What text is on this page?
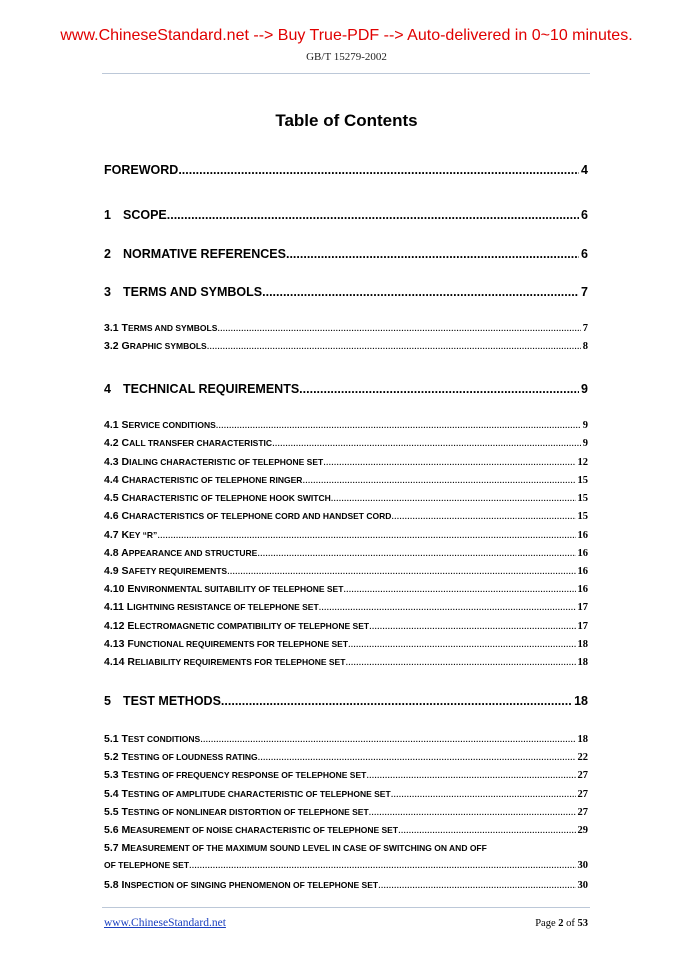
www.ChineseStandard.net --> Buy True-PDF --> Auto-delivered in 0~10 minutes.
GB/T 15279-2002
Table of Contents
FOREWORD .....	4
1 SCOPE .....	6
2 NORMATIVE REFERENCES .....	6
3 TERMS AND SYMBOLS .....	7
3.1 TERMS AND SYMBOLS .....	7
3.2 GRAPHIC SYMBOLS .....	8
4 TECHNICAL REQUIREMENTS .....	9
4.1 SERVICE CONDITIONS .....	9
4.2 CALL TRANSFER CHARACTERISTIC .....	9
4.3 DIALING CHARACTERISTIC OF TELEPHONE SET .....	12
4.4 CHARACTERISTIC OF TELEPHONE RINGER .....	15
4.5 CHARACTERISTIC OF TELEPHONE HOOK SWITCH .....	15
4.6 CHARACTERISTICS OF TELEPHONE CORD AND HANDSET CORD .....	15
4.7 KEY “R” .....	16
4.8 APPEARANCE AND STRUCTURE .....	16
4.9 SAFETY REQUIREMENTS .....	16
4.10 ENVIRONMENTAL SUITABILITY OF TELEPHONE SET .....	16
4.11 LIGHTNING RESISTANCE OF TELEPHONE SET .....	17
4.12 ELECTROMAGNETIC COMPATIBILITY OF TELEPHONE SET .....	17
4.13 FUNCTIONAL REQUIREMENTS FOR TELEPHONE SET .....	18
4.14 RELIABILITY REQUIREMENTS FOR TELEPHONE SET .....	18
5 TEST METHODS .....	18
5.1 TEST CONDITIONS .....	18
5.2 TESTING OF LOUDNESS RATING .....	22
5.3 TESTING OF FREQUENCY RESPONSE OF TELEPHONE SET .....	27
5.4 TESTING OF AMPLITUDE CHARACTERISTIC OF TELEPHONE SET .....	27
5.5 TESTING OF NONLINEAR DISTORTION OF TELEPHONE SET .....	27
5.6 MEASUREMENT OF NOISE CHARACTERISTIC OF TELEPHONE SET .....	29
5.7 MEASUREMENT OF THE MAXIMUM SOUND LEVEL IN CASE OF SWITCHING ON AND OFF
OF TELEPHONE SET .....	30
5.8 INSPECTION OF SINGING PHENOMENON OF TELEPHONE SET .....	30
www.ChineseStandard.net	Page 2 of 53
